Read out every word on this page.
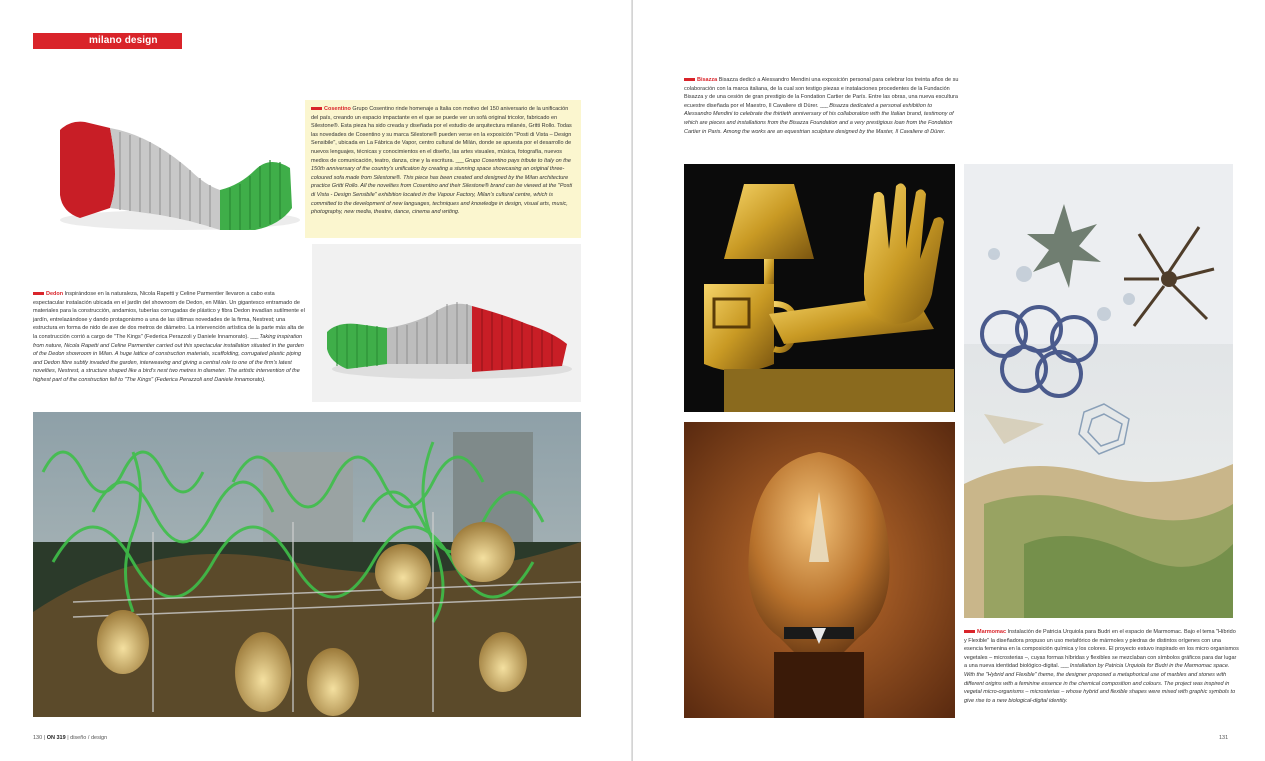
milano design week
Cosentino Grupo Cosentino rinde homenaje a Italia con motivo del 150 aniversario de la unificación del país, creando un espacio impactante en el que se puede ver un sofá original tricolor, fabricado en Silestone®. Esta pieza ha sido creada y diseñada por el estudio de arquitectura milanés, Gritti Rollo. Todas las novedades de Cosentino y su marca Silestone® pueden verse en la exposición "Posti di Vista – Design Sensibile", ubicada en La Fábrica de Vapor, centro cultural de Milán, donde se apuesta por el desarrollo de nuevos lenguajes, técnicas y conocimientos en el diseño, las artes visuales, música, fotografía, nuevos medios de comunicación, teatro, danza, cine y la escritura. ___ Grupo Cosentino pays tribute to Italy on the 150th anniversary of the country's unification by creating a stunning space showcasing an original three-coloured sofa made from Silestone®. This piece has been created and designed by the Milan architecture practice Gritti Rollo. All the novelties from Cosentino and their Silestone® brand can be viewed at the "Posti di Vista - Design Sensibile" exhibition located in the Vapour Factory, Milan's cultural centre, which is committed to the development of new languages, techniques and knowledge in design, visual arts, music, photography, new media, theatre, dance, cinema and writing.
Dedon Inspirándose en la naturaleza, Nicola Rapetti y Celine Parmentier llevaron a cabo esta espectacular instalación ubicada en el jardín del showroom de Dedon, en Milán. Un gigantesco entramado de materiales para la construcción, andamios, tuberías corrugadas de plástico y fibra Dedon invadían sutilmente el jardín, entrelazándose y dando protagonismo a una de las últimas novedades de la firma, Nestrest; una estructura en forma de nido de ave de dos metros de diámetro. La intervención artística de la parte más alta de la construcción corrió a cargo de "The Kings" (Federica Perazzoli y Daniele Innamorato). ___ Taking inspiration from nature, Nicola Rapetti and Celine Parmentier carried out this spectacular installation situated in the garden of the Dedon showroom in Milan. A huge lattice of construction materials, scaffolding, corrugated plastic piping and Dedon fibre subtly invaded the garden, interweaving and giving a central role to one of the firm's latest novelties, Nestrest, a structure shaped like a bird's nest two metres in diameter. The artistic intervention of the highest part of the construction fell to "The Kings" (Federica Perazzoli and Daniele Innamorato).
130 | ON 319 | diseño / design
Bisazza Bisazza dedicó a Alessandro Mendini una exposición personal para celebrar los treinta años de su colaboración con la marca italiana, de la cual son testigo piezas e instalaciones procedentes de la Fundación Bisazza y de una cesión de gran prestigio de la Fondation Cartier de París. Entre las obras, una nueva escultura ecuestre diseñada por el Maestro, Il Cavaliere di Dürer. ___ Bisazza dedicated a personal exhibition to Alessandro Mendini to celebrate the thirtieth anniversary of his collaboration with the Italian brand, testimony of which are pieces and installations from the Bisazza Foundation and a very prestigious loan from the Fondation Cartier in Paris. Among the works are an equestrian sculpture designed by the Master, Il Cavaliere di Dürer.
Marmomac Instalación de Patricia Urquiola para Budri en el espacio de Marmomac. Bajo el tema "Híbrido y Flexible" la diseñadora propuso un uso metafórico de mármoles y piedras de distintos orígenes con una esencia femenina en la composición química y los colores. El proyecto estuvo inspirado en los micro organismos vegetales – microsterias –, cuyas formas híbridas y flexibles se mezclaban con símbolos gráficos para dar lugar a una nueva identidad biológico-digital. ___ Installation by Patricia Urquiola for Budri in the Marmomac space. With the "Hybrid and Flexible" theme, the designer proposed a metaphorical use of marbles and stones with different origins with a feminine essence in the chemical composition and colours. The project was inspired in vegetal micro-organisms – microsterias – whose hybrid and flexible shapes were mixed with graphic symbols to give rise to a new biological-digital identity.
131
